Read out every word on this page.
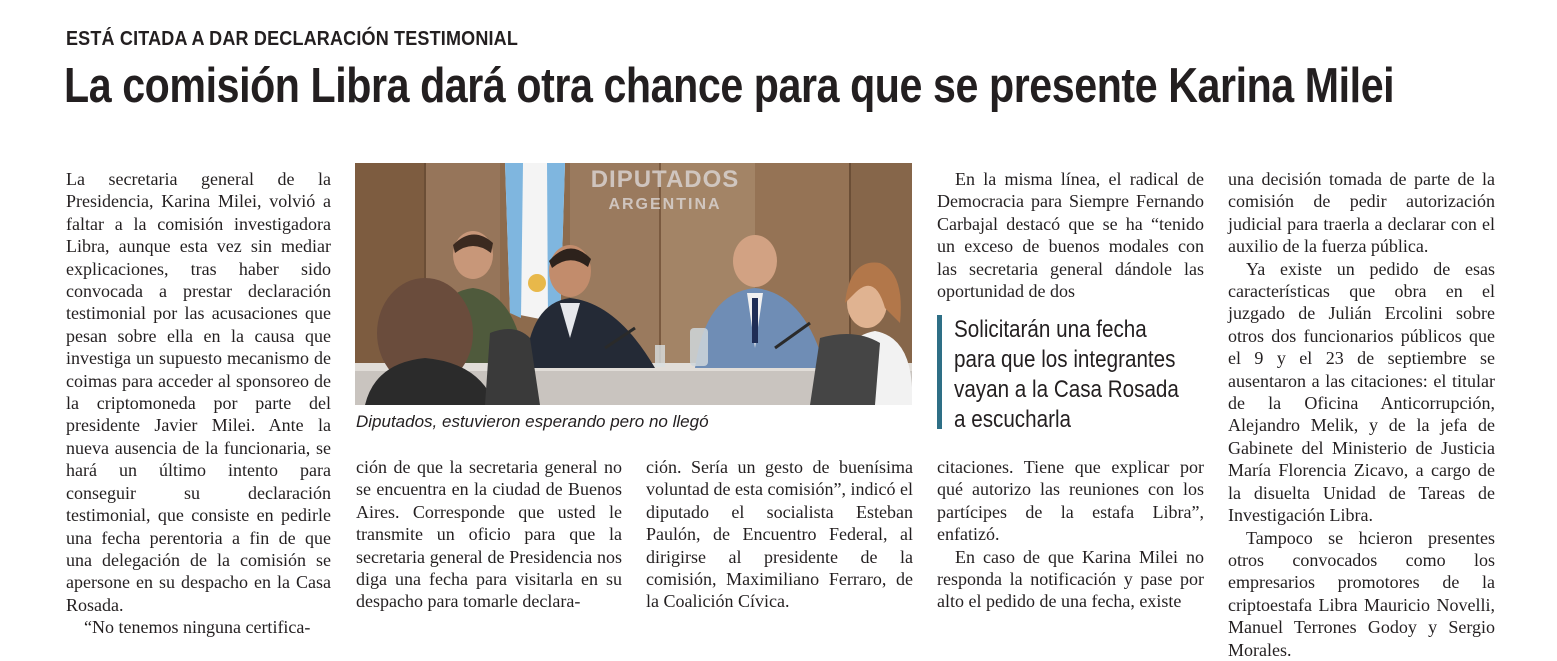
ESTÁ CITADA A DAR DECLARACIÓN TESTIMONIAL
La comisión Libra dará otra chance para que se presente Karina Milei

La secretaria general de la Presidencia, Karina Milei, volvió a faltar a la comisión investigadora Libra, aunque esta vez sin mediar explicaciones, tras haber sido convocada a prestar declaración testimonial por las acusaciones que pesan sobre ella en la causa que investiga un supuesto mecanismo de coimas para acceder al sponsoreo de la criptomoneda por parte del presidente Javier Milei. Ante la nueva ausencia de la funcionaria, se hará un último intento para conseguir su declaración testimonial, que consiste en pedirle una fecha perentoria a fin de que una delegación de la comisión se apersone en su despacho en la Casa Rosada.

“No tenemos ninguna certifica-

DIPUTADOS
ARGENTINA
Diputados, estuvieron esperando pero no llegó

ción de que la secretaria general no se encuentra en la ciudad de Buenos Aires. Corresponde que usted le transmite un oficio para que la secretaria general de Presidencia nos diga una fecha para visitarla en su despacho para tomarle declara-

ción. Sería un gesto de buenísima voluntad de esta comisión”, indicó el diputado el socialista Esteban Paulón, de Encuentro Federal, al dirigirse al presidente de la comisión, Maximiliano Ferraro, de la Coalición Cívica.

En la misma línea, el radical de Democracia para Siempre Fernando Carbajal destacó que se ha “tenido un exceso de buenos modales con las secretaria general dándole las oportunidad de dos

Solicitarán una fecha para que los integrantes vayan a la Casa Rosada a escucharla

citaciones. Tiene que explicar por qué autorizo las reuniones con los partícipes de la estafa Libra”, enfatizó.

En caso de que Karina Milei no responda la notificación y pase por alto el pedido de una fecha, existe

una decisión tomada de parte de la comisión de pedir autorización judicial para traerla a declarar con el auxilio de la fuerza pública.

Ya existe un pedido de esas características que obra en el juzgado de Julián Ercolini sobre otros dos funcionarios públicos que el 9 y el 23 de septiembre se ausentaron a las citaciones: el titular de la Oficina Anticorrupción, Alejandro Melik, y de la jefa de Gabinete del Ministerio de Justicia María Florencia Zicavo, a cargo de la disuelta Unidad de Tareas de Investigación Libra.

Tampoco se hcieron presentes otros convocados como los empresarios promotores de la criptoestafa Libra Mauricio Novelli, Manuel Terrones Godoy y Sergio Morales.
